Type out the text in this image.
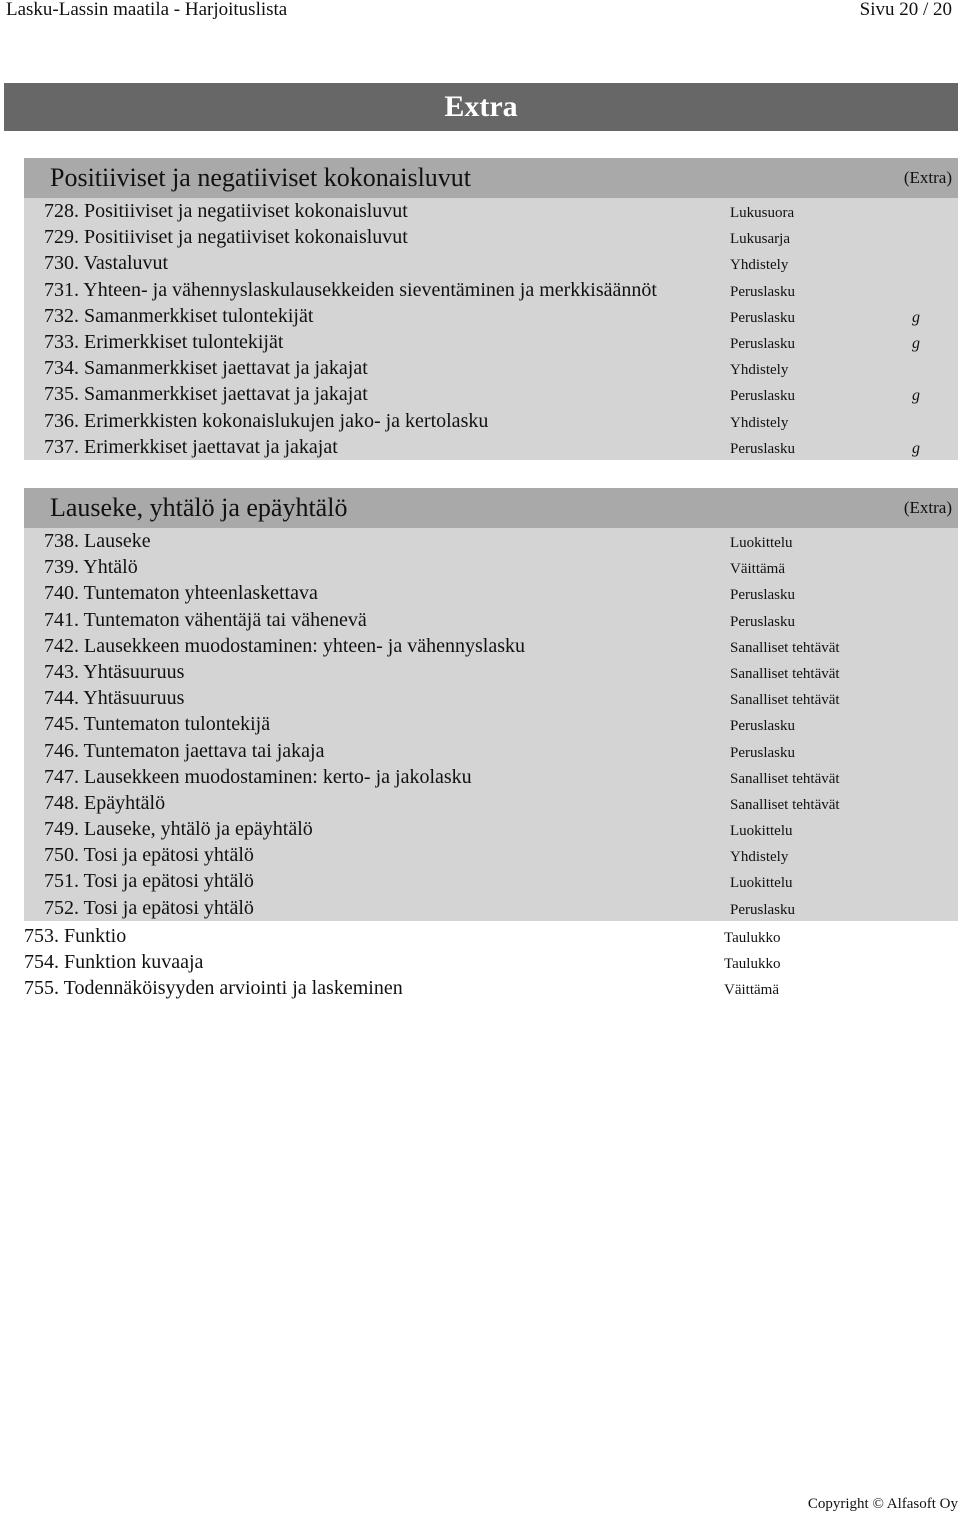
Lasku-Lassin maatila - Harjoituslista	Sivu 20 / 20
Extra
Positiiviset ja negatiiviset kokonaisluvut	(Extra)
728. Positiiviset ja negatiiviset kokonaisluvut	Lukusuora
729. Positiiviset ja negatiiviset kokonaisluvut	Lukusarja
730. Vastaluvut	Yhdistely
731. Yhteen- ja vähennyslaskulausekkeiden sieventäminen ja merkkisäännöt	Peruslasku
732. Samanmerkkiset tulontekijät	Peruslasku	g
733. Erimerkkiset tulontekijät	Peruslasku	g
734. Samanmerkkiset jaettavat ja jakajat	Yhdistely
735. Samanmerkkiset jaettavat ja jakajat	Peruslasku	g
736. Erimerkkisten kokonaislukujen jako- ja kertolasku	Yhdistely
737. Erimerkkiset jaettavat ja jakajat	Peruslasku	g
Lauseke, yhtälö ja epäyhtälö	(Extra)
738. Lauseke	Luokittelu
739. Yhtälö	Väittämä
740. Tuntematon yhteenlaskettava	Peruslasku
741. Tuntematon vähentäjä tai vähenevä	Peruslasku
742. Lausekkeen muodostaminen: yhteen- ja vähennyslasku	Sanalliset tehtävät
743. Yhtäsuuruus	Sanalliset tehtävät
744. Yhtäsuuruus	Sanalliset tehtävät
745. Tuntematon tulontekijä	Peruslasku
746. Tuntematon jaettava tai jakaja	Peruslasku
747. Lausekkeen muodostaminen: kerto- ja jakolasku	Sanalliset tehtävät
748. Epäyhtälö	Sanalliset tehtävät
749. Lauseke, yhtälö ja epäyhtälö	Luokittelu
750. Tosi ja epätosi yhtälö	Yhdistely
751. Tosi ja epätosi yhtälö	Luokittelu
752. Tosi ja epätosi yhtälö	Peruslasku
753. Funktio	Taulukko
754. Funktion kuvaaja	Taulukko
755. Todennäköisyyden arviointi ja laskeminen	Väittämä
Copyright © Alfasoft Oy
